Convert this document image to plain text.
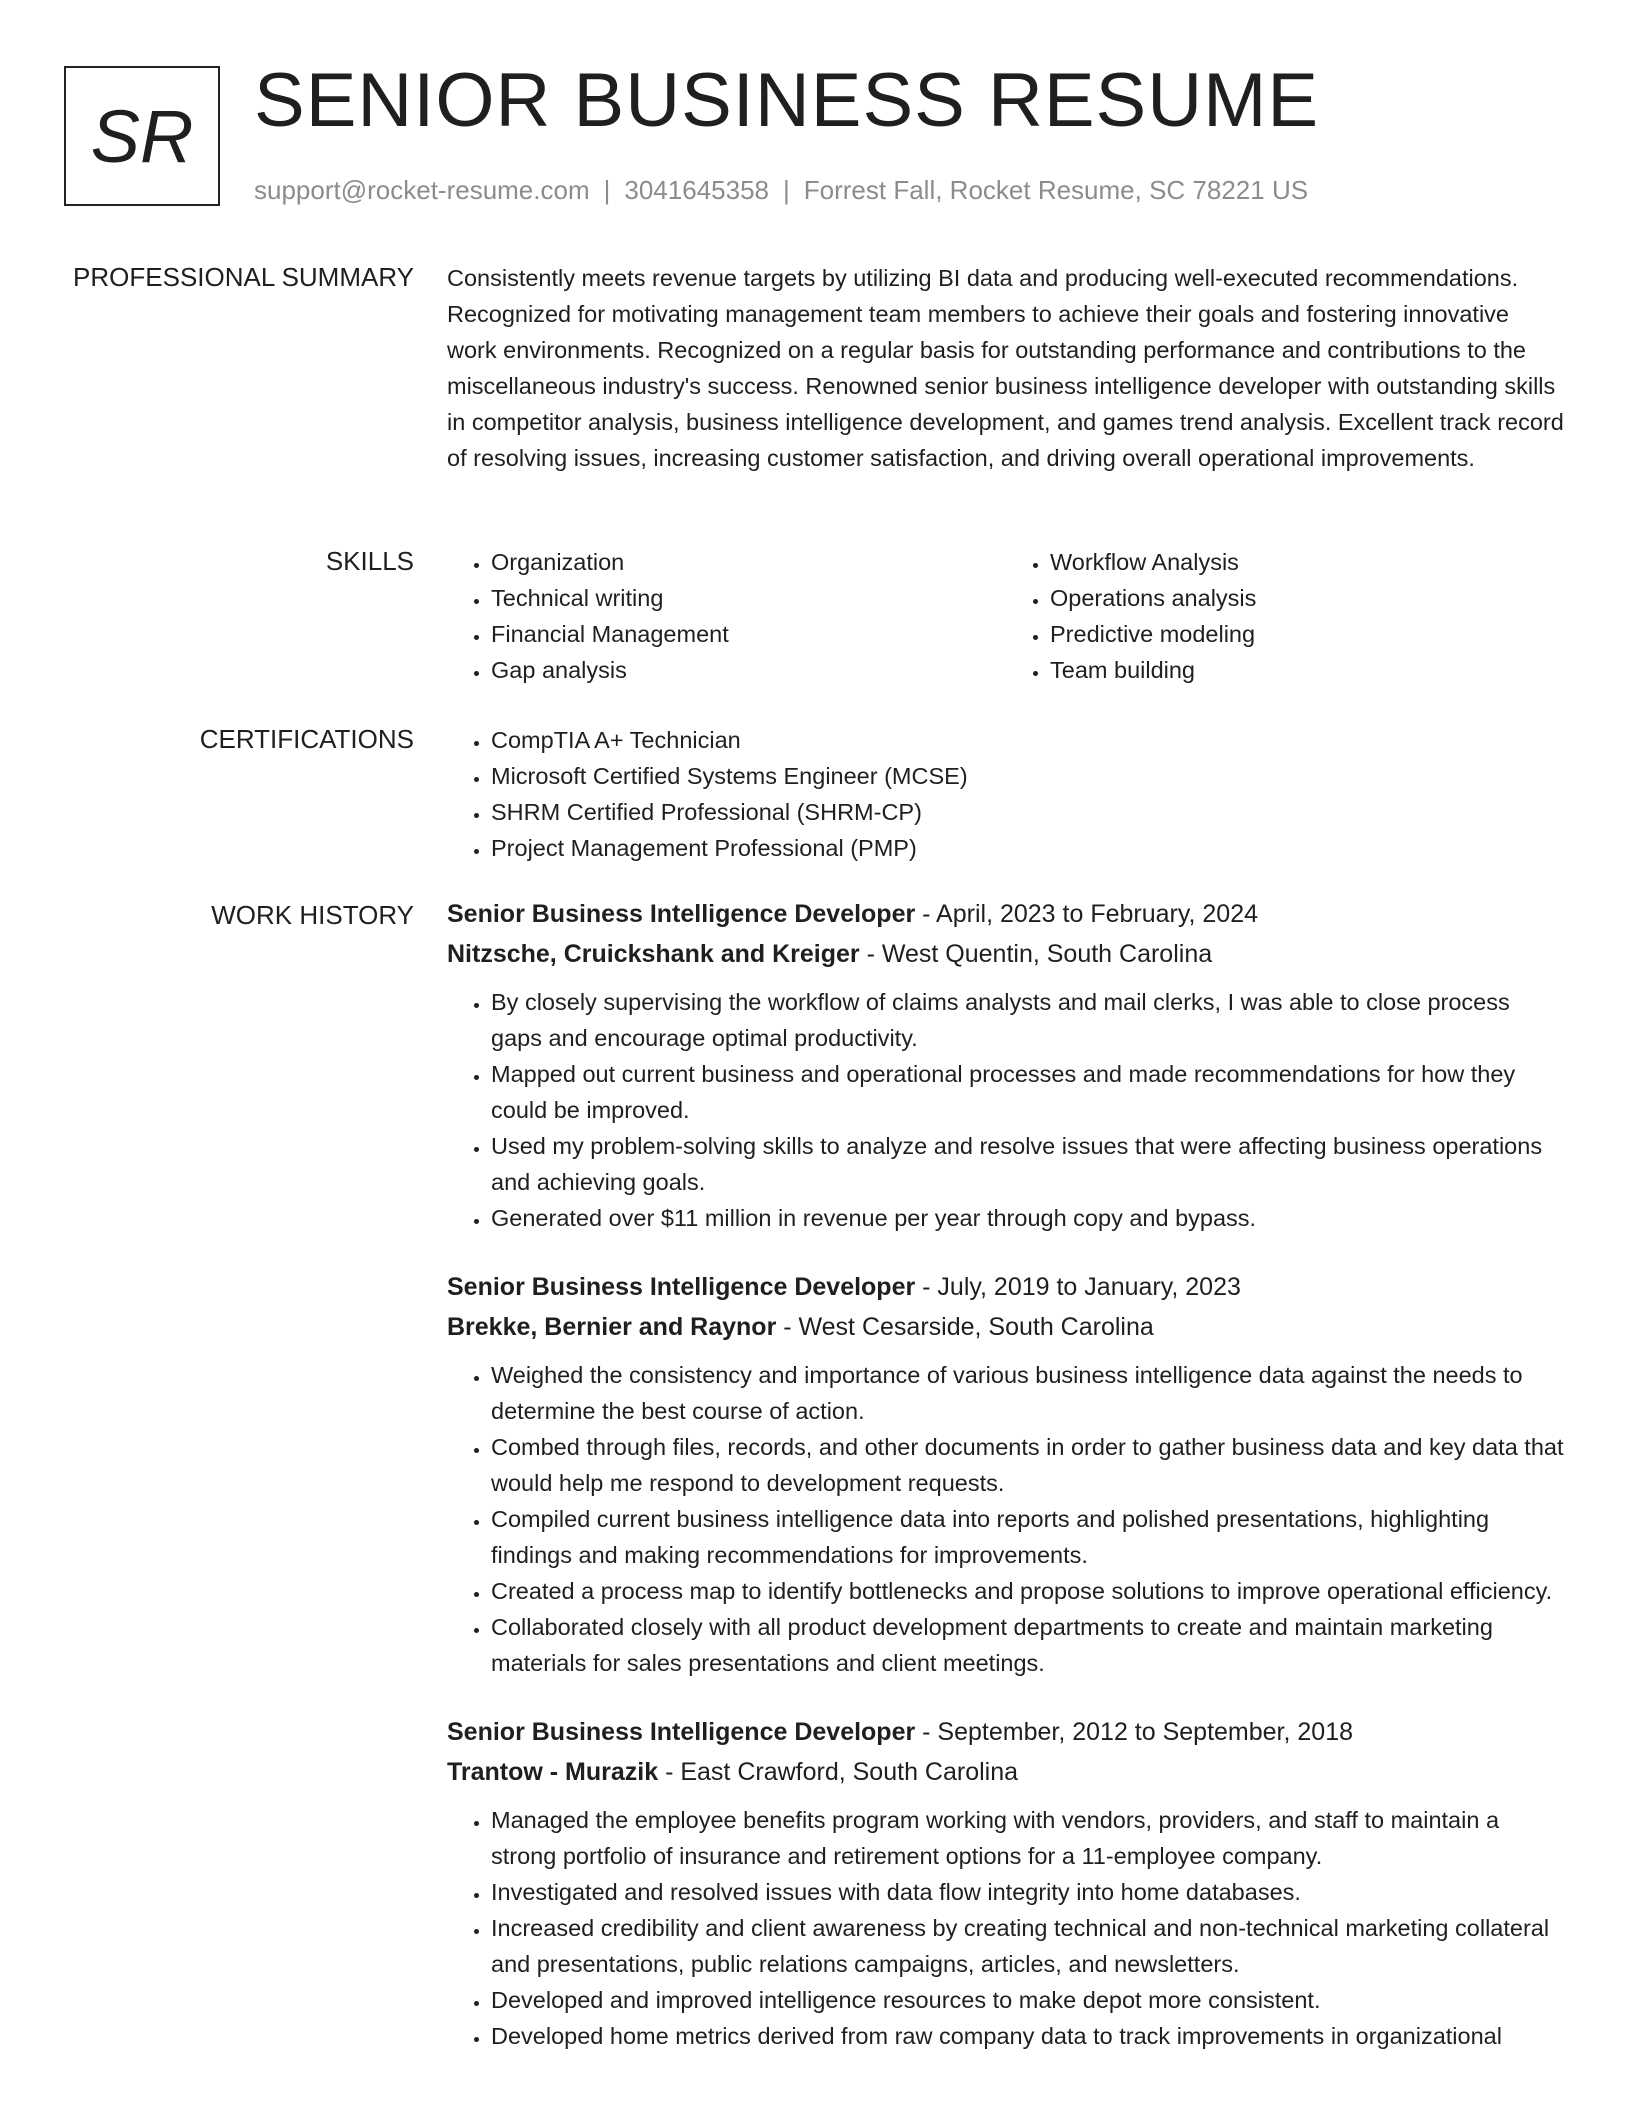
SR SENIOR BUSINESS RESUME
support@rocket-resume.com | 3041645358 | Forrest Fall, Rocket Resume, SC 78221 US
PROFESSIONAL SUMMARY Consistently meets revenue targets by utilizing BI data and producing well-executed recommendations. Recognized for motivating management team members to achieve their goals and fostering innovative work environments. Recognized on a regular basis for outstanding performance and contributions to the miscellaneous industry's success. Renowned senior business intelligence developer with outstanding skills in competitor analysis, business intelligence development, and games trend analysis. Excellent track record of resolving issues, increasing customer satisfaction, and driving overall operational improvements.

SKILLS	• Organization
• Technical writing
• Financial Management
• Gap analysis
• Workflow Analysis
• Operations analysis
• Predictive modeling
• Team building
CERTIFICATIONS	• CompTIA A+ Technician
• Microsoft Certified Systems Engineer (MCSE)
• SHRM Certified Professional (SHRM-CP)
• Project Management Professional (PMP)
WORK HISTORY Senior Business Intelligence Developer - April, 2023 to February, 2024
Nitzsche, Cruickshank and Kreiger - West Quentin, South Carolina
• By closely supervising the workflow of claims analysts and mail clerks, I was able to close process gaps and encourage optimal productivity.
• Mapped out current business and operational processes and made recommendations for how they could be improved.
• Used my problem-solving skills to analyze and resolve issues that were affecting business operations and achieving goals.
• Generated over $11 million in revenue per year through copy and bypass.
Senior Business Intelligence Developer - July, 2019 to January, 2023
Brekke, Bernier and Raynor - West Cesarside, South Carolina
• Weighed the consistency and importance of various business intelligence data against the needs to determine the best course of action.
• Combed through files, records, and other documents in order to gather business data and key data that would help me respond to development requests.
• Compiled current business intelligence data into reports and polished presentations, highlighting findings and making recommendations for improvements.
• Created a process map to identify bottlenecks and propose solutions to improve operational efficiency.
• Collaborated closely with all product development departments to create and maintain marketing materials for sales presentations and client meetings.
Senior Business Intelligence Developer - September, 2012 to September, 2018
Trantow - Murazik - East Crawford, South Carolina
• Managed the employee benefits program working with vendors, providers, and staff to maintain a strong portfolio of insurance and retirement options for a 11-employee company.
• Investigated and resolved issues with data flow integrity into home databases.
• Increased credibility and client awareness by creating technical and non-technical marketing collateral and presentations, public relations campaigns, articles, and newsletters.
• Developed and improved intelligence resources to make depot more consistent.
• Developed home metrics derived from raw company data to track improvements in organizational
